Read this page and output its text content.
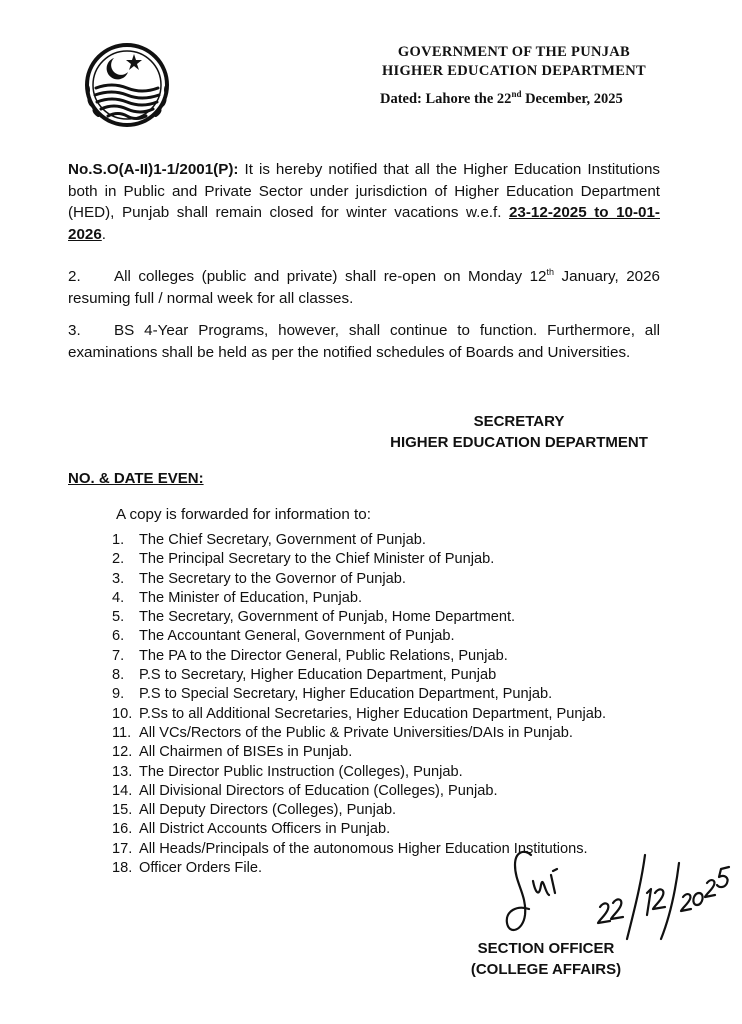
GOVERNMENT OF THE PUNJAB
HIGHER EDUCATION DEPARTMENT
Dated: Lahore the 22nd December, 2025
No.S.O(A-II)1-1/2001(P): It is hereby notified that all the Higher Education Institutions both in Public and Private Sector under jurisdiction of Higher Education Department (HED), Punjab shall remain closed for winter vacations w.e.f. 23-12-2025 to 10-01-2026.
2. All colleges (public and private) shall re-open on Monday 12th January, 2026 resuming full / normal week for all classes.
3. BS 4-Year Programs, however, shall continue to function. Furthermore, all examinations shall be held as per the notified schedules of Boards and Universities.
SECRETARY
HIGHER EDUCATION DEPARTMENT
NO. & DATE EVEN:
A copy is forwarded for information to:
1.	The Chief Secretary, Government of Punjab.
2.	The Principal Secretary to the Chief Minister of Punjab.
3.	The Secretary to the Governor of Punjab.
4.	The Minister of Education, Punjab.
5.	The Secretary, Government of Punjab, Home Department.
6.	The Accountant General, Government of Punjab.
7.	The PA to the Director General, Public Relations, Punjab.
8.	P.S to Secretary, Higher Education Department, Punjab
9.	P.S to Special Secretary, Higher Education Department, Punjab.
10. P.Ss to all Additional Secretaries, Higher Education Department, Punjab.
11. All VCs/Rectors of the Public & Private Universities/DAIs in Punjab.
12. All Chairmen of BISEs in Punjab.
13. The Director Public Instruction (Colleges), Punjab.
14. All Divisional Directors of Education (Colleges), Punjab.
15. All Deputy Directors (Colleges), Punjab.
16. All District Accounts Officers in Punjab.
17. All Heads/Principals of the autonomous Higher Education Institutions.
18. Officer Orders File.
SECTION OFFICER
(COLLEGE AFFAIRS)
